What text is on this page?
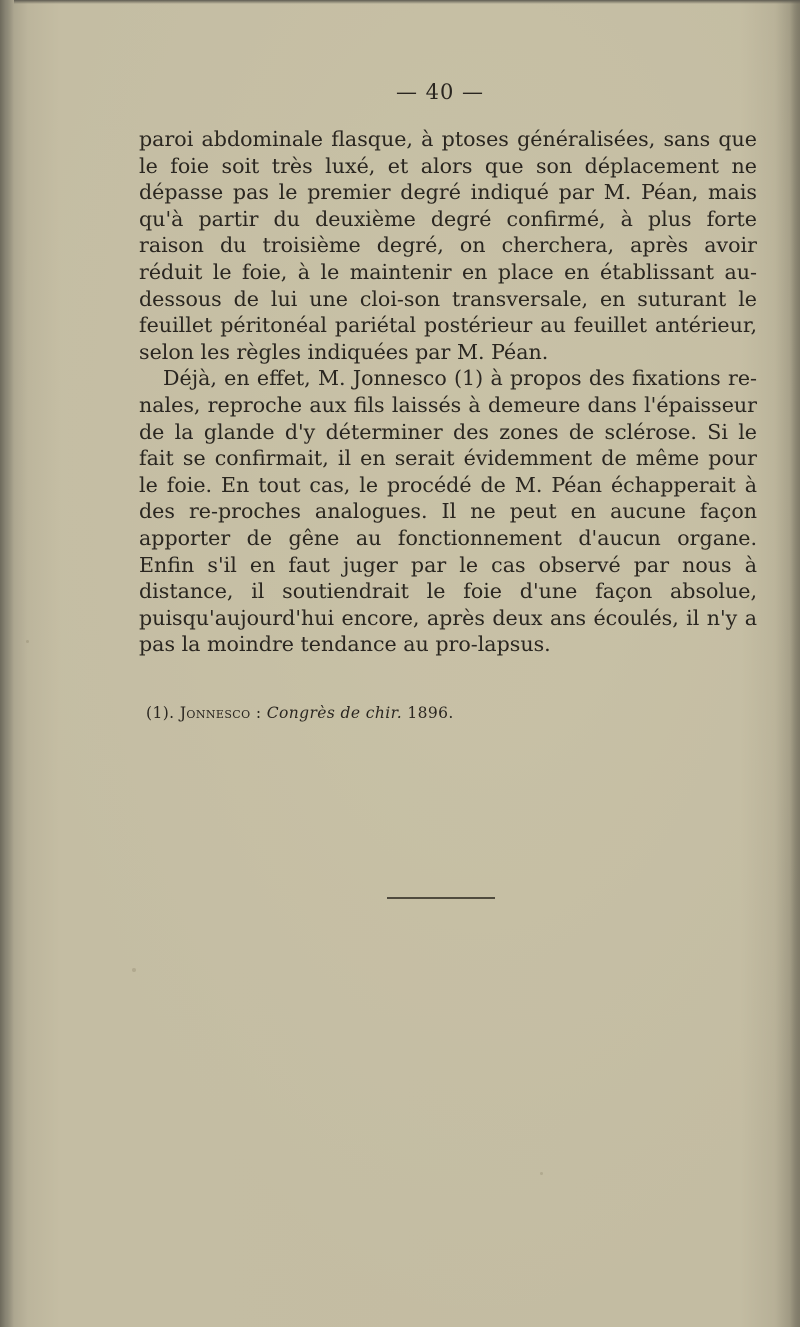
— 40 —

paroi abdominale flasque, à ptoses généralisées, sans que le foie soit très luxé, et alors que son déplacement ne dépasse pas le premier degré indiqué par M. Péan, mais qu'à partir du deuxième degré confirmé, à plus forte raison du troisième degré, on cherchera, après avoir réduit le foie, à le maintenir en place en établissant au-dessous de lui une cloi-son transversale, en suturant le feuillet péritonéal pariétal postérieur au feuillet antérieur, selon les règles indiquées par M. Péan.

Déjà, en effet, M. Jonnesco (1) à propos des fixations re-nales, reproche aux fils laissés à demeure dans l'épaisseur de la glande d'y déterminer des zones de sclérose. Si le fait se confirmait, il en serait évidemment de même pour le foie. En tout cas, le procédé de M. Péan échapperait à des re-proches analogues. Il ne peut en aucune façon apporter de gêne au fonctionnement d'aucun organe. Enfin s'il en faut juger par le cas observé par nous à distance, il soutiendrait le foie d'une façon absolue, puisqu'aujourd'hui encore, après deux ans écoulés, il n'y a pas la moindre tendance au pro-lapsus.

(1). Jonnesco : Congrès de chir. 1896.
